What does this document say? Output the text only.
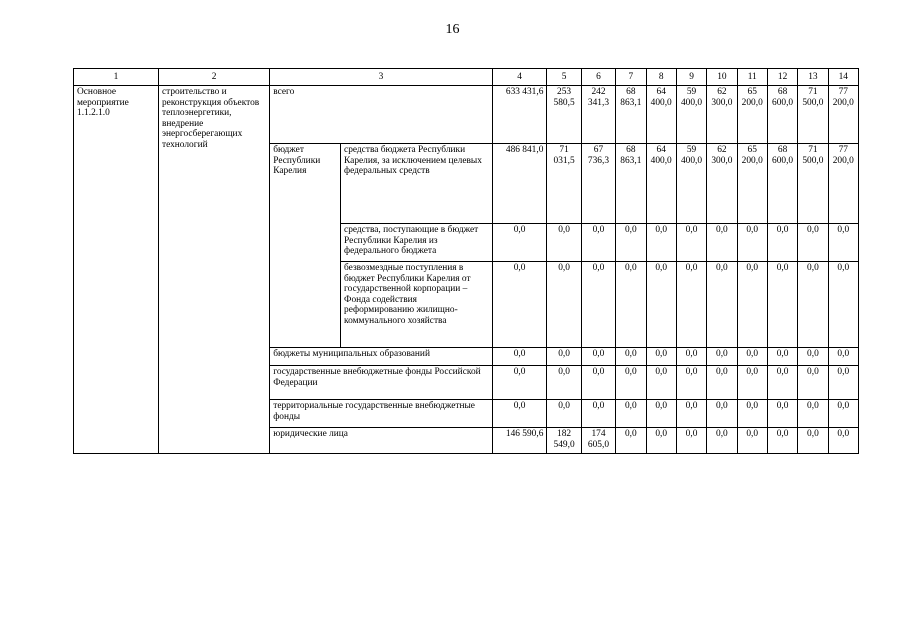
16
1	2	3		4	5	6	7	8	9	10	11	12	13	14
Основное мероприятие 1.1.2.1.0	строительство и реконструкция объектов теплоэнергетики, внедрение энергосберегающих технологий	всего		633 431,6	253 580,5	242 341,3	68 863,1	64 400,0	59 400,0	62 300,0	65 200,0	68 600,0	71 500,0	77 200,0
		бюджет Республики Карелия	средства бюджета Республики Карелия, за исключением целевых федеральных средств	486 841,0	71 031,5	67 736,3	68 863,1	64 400,0	59 400,0	62 300,0	65 200,0	68 600,0	71 500,0	77 200,0
			средства, поступающие в бюджет Республики Карелия из федерального бюджета	0,0	0,0	0,0	0,0	0,0	0,0	0,0	0,0	0,0	0,0	0,0
			безвозмездные поступления в бюджет Республики Карелия от государственной корпорации – Фонда содействия реформированию жилищно-коммунального хозяйства	0,0	0,0	0,0	0,0	0,0	0,0	0,0	0,0	0,0	0,0	0,0
		бюджеты муниципальных образований		0,0	0,0	0,0	0,0	0,0	0,0	0,0	0,0	0,0	0,0	0,0
		государственные внебюджетные фонды Российской Федерации		0,0	0,0	0,0	0,0	0,0	0,0	0,0	0,0	0,0	0,0	0,0
		территориальные государственные внебюджетные фонды		0,0	0,0	0,0	0,0	0,0	0,0	0,0	0,0	0,0	0,0	0,0
		юридические лица		146 590,6	182 549,0	174 605,0	0,0	0,0	0,0	0,0	0,0	0,0	0,0	0,0
